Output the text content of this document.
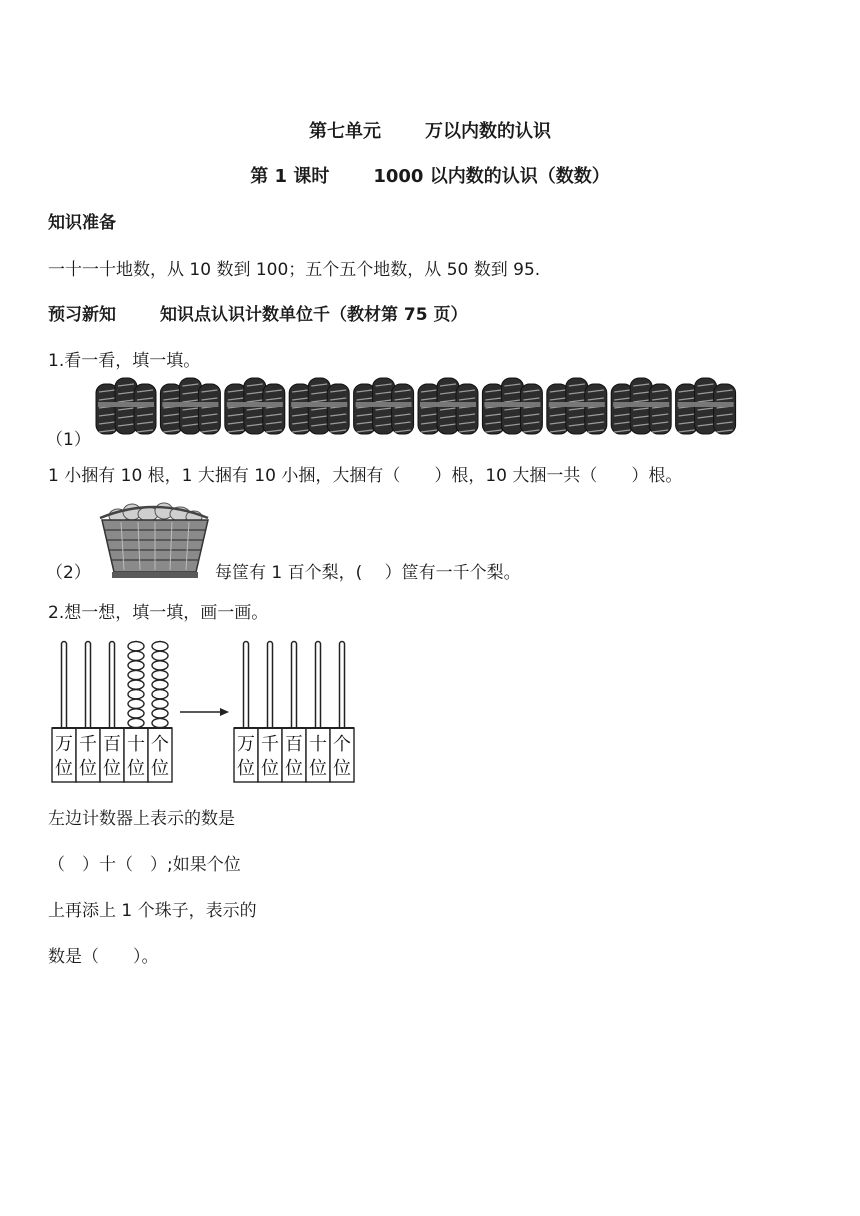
第七单元 万以内数的认识
第 1 课时 1000 以内数的认识（数数）
知识准备
一十一十地数，从 10 数到 100；五个五个地数，从 50 数到 95.
预习新知	知识点认识计数单位千（教材第 75 页）
1.看一看，填一填。
（1）
1 小捆有 10 根，1 大捆有 10 小捆，大捆有（　　）根，10 大捆一共（　　）根。
（2）	每筐有 1 百个梨，(　 ）筐有一千个梨。
2.想一想，填一填，画一画。
万
位
千
位
百
位
十
位
个
位
万
位
千
位
百
位
十
位
个
位
左边计数器上表示的数是
（　）十（　）;如果个位
上再添上 1 个珠子，表示的
数是（　　）。
